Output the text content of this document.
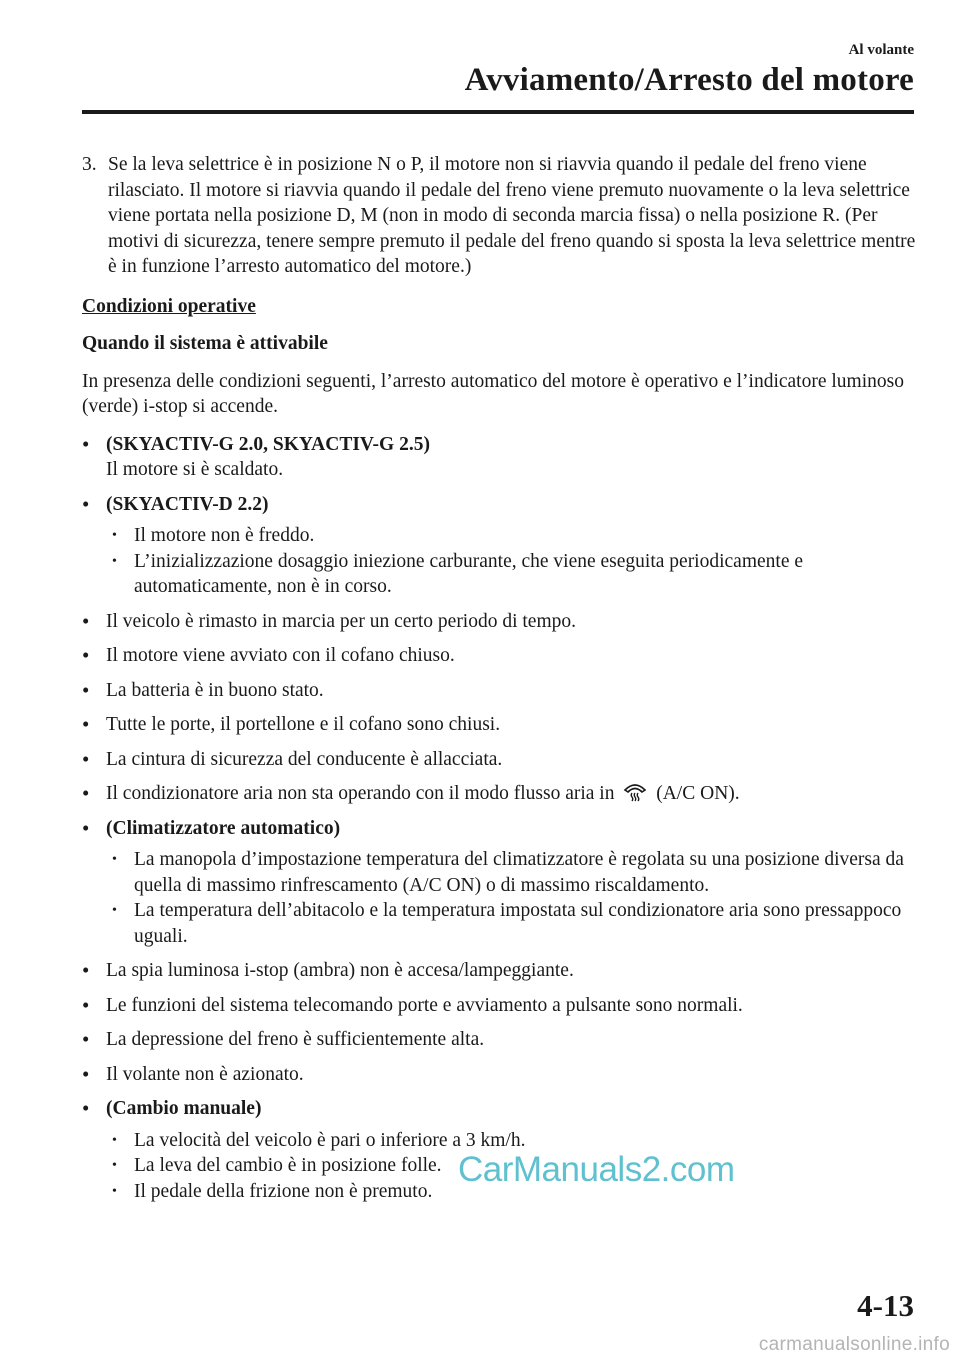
Al volante
Avviamento/Arresto del motore
3. Se la leva selettrice è in posizione N o P, il motore non si riavvia quando il pedale del freno viene rilasciato. Il motore si riavvia quando il pedale del freno viene premuto nuovamente o la leva selettrice viene portata nella posizione D, M (non in modo di seconda marcia fissa) o nella posizione R. (Per motivi di sicurezza, tenere sempre premuto il pedale del freno quando si sposta la leva selettrice mentre è in funzione l’arresto automatico del motore.)
Condizioni operative
Quando il sistema è attivabile
In presenza delle condizioni seguenti, l’arresto automatico del motore è operativo e l’indicatore luminoso (verde) i-stop si accende.
• (SKYACTIV-G 2.0, SKYACTIV-G 2.5)
Il motore si è scaldato.
• (SKYACTIV-D 2.2)
• Il motore non è freddo.
• L’inizializzazione dosaggio iniezione carburante, che viene eseguita periodicamente e automaticamente, non è in corso.
• Il veicolo è rimasto in marcia per un certo periodo di tempo.
• Il motore viene avviato con il cofano chiuso.
• La batteria è in buono stato.
• Tutte le porte, il portellone e il cofano sono chiusi.
• La cintura di sicurezza del conducente è allacciata.
• Il condizionatore aria non sta operando con il modo flusso aria in (A/C ON).
• (Climatizzatore automatico)
• La manopola d’impostazione temperatura del climatizzatore è regolata su una posizione diversa da quella di massimo rinfrescamento (A/C ON) o di massimo riscaldamento.
• La temperatura dell’abitacolo e la temperatura impostata sul condizionatore aria sono pressappoco uguali.
• La spia luminosa i-stop (ambra) non è accesa/lampeggiante.
• Le funzioni del sistema telecomando porte e avviamento a pulsante sono normali.
• La depressione del freno è sufficientemente alta.
• Il volante non è azionato.
• (Cambio manuale)
• La velocità del veicolo è pari o inferiore a 3 km/h.
• La leva del cambio è in posizione folle.
• Il pedale della frizione non è premuto.
CarManuals2.com
4-13
carmanualsonline.info
